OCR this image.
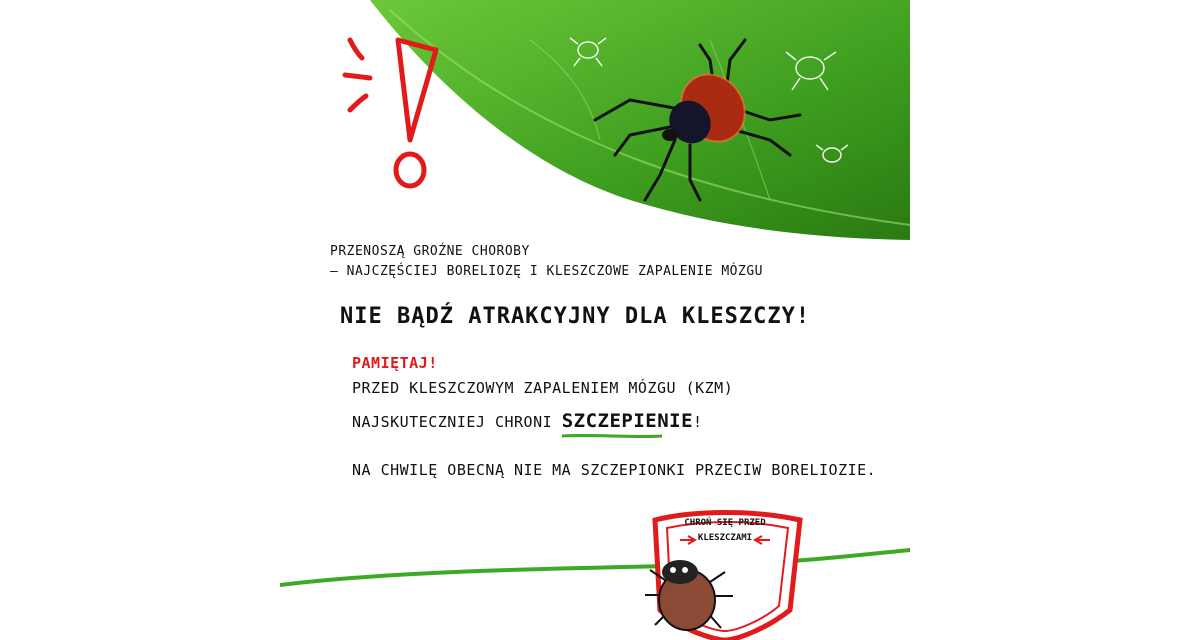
PRZENOSZĄ GROŹNE CHOROBY
– NAJCZĘŚCIEJ BORELIOZĘ I KLESZCZOWE ZAPALENIE MÓZGU
NIE BĄDŹ ATRAKCYJNY DLA KLESZCZY!
PAMIĘTAJ!
PRZED KLESZCZOWYM ZAPALENIEM MÓZGU (KZM)
NAJSKUTECZNIEJ CHRONI SZCZEPIENIE
!
NA CHWILĘ OBECNĄ NIE MA SZCZEPIONKI PRZECIW BORELIOZIE.
CHROŃ SIĘ PRZED
KLESZCZAMI
